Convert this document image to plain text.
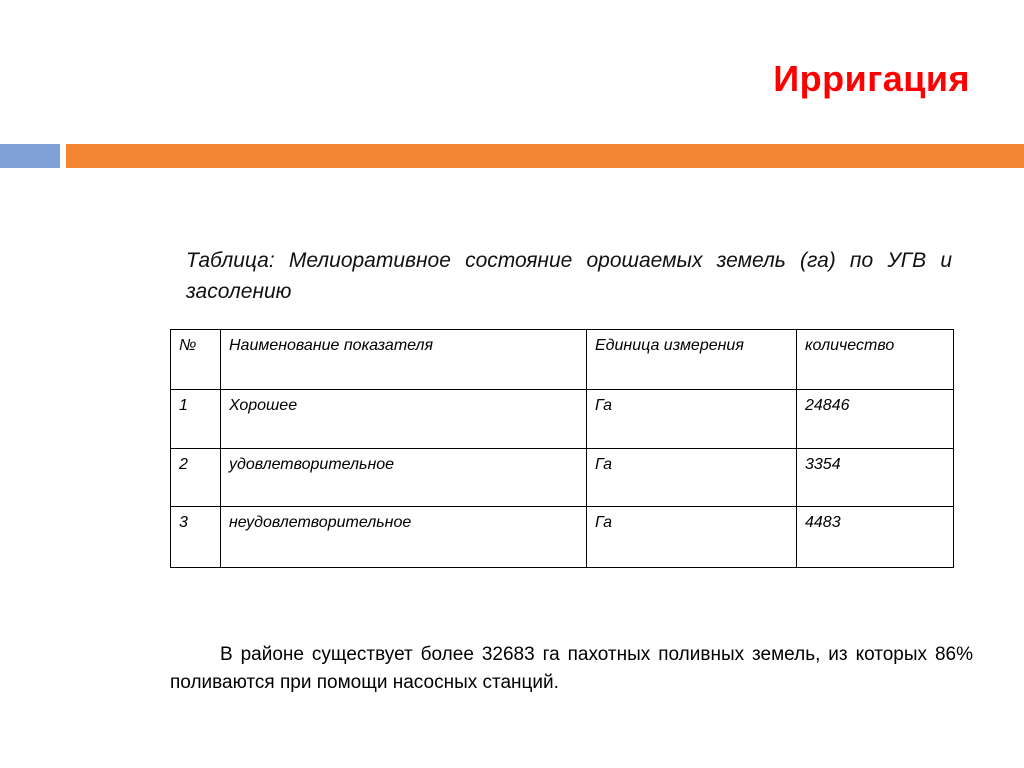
Ирригация
Таблица: Мелиоративное состояние орошаемых земель (га) по УГВ и засолению
№	Наименование показателя	Единица измерения	количество
1	Хорошее	Га	24846
2	удовлетворительное	Га	3354
3	неудовлетворительное	Га	4483
В районе существует более 32683 га пахотных поливных земель, из которых 86% поливаются при помощи насосных станций.
